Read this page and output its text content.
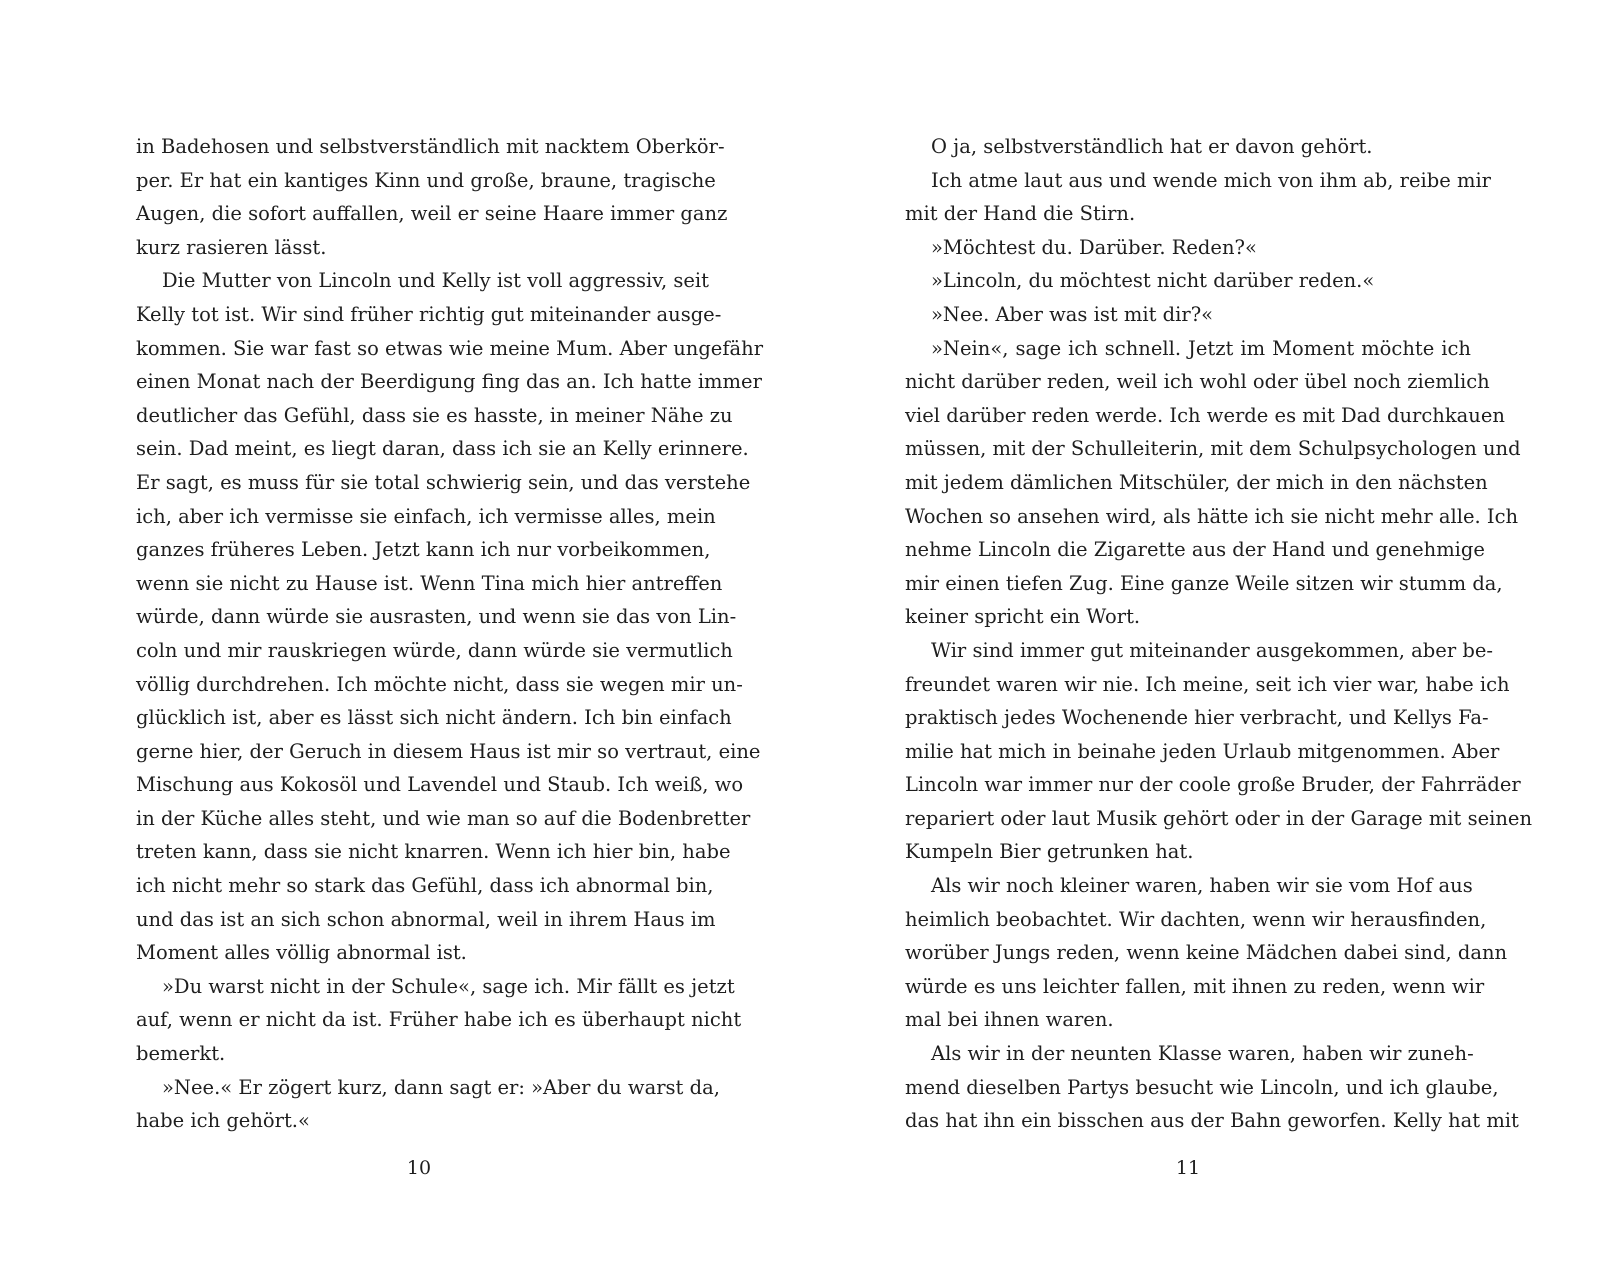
in Badehosen und selbstverständlich mit nacktem Oberkör-
per. Er hat ein kantiges Kinn und große, braune, tragische
Augen, die sofort auffallen, weil er seine Haare immer ganz
kurz rasieren lässt.

Die Mutter von Lincoln und Kelly ist voll aggressiv, seit
Kelly tot ist. Wir sind früher richtig gut miteinander ausge-
kommen. Sie war fast so etwas wie meine Mum. Aber ungefähr
einen Monat nach der Beerdigung fing das an. Ich hatte immer
deutlicher das Gefühl, dass sie es hasste, in meiner Nähe zu
sein. Dad meint, es liegt daran, dass ich sie an Kelly erinnere.
Er sagt, es muss für sie total schwierig sein, und das verstehe
ich, aber ich vermisse sie einfach, ich vermisse alles, mein
ganzes früheres Leben. Jetzt kann ich nur vorbeikommen,
wenn sie nicht zu Hause ist. Wenn Tina mich hier antreffen
würde, dann würde sie ausrasten, und wenn sie das von Lin-
coln und mir rauskriegen würde, dann würde sie vermutlich
völlig durchdrehen. Ich möchte nicht, dass sie wegen mir un-
glücklich ist, aber es lässt sich nicht ändern. Ich bin einfach
gerne hier, der Geruch in diesem Haus ist mir so vertraut, eine
Mischung aus Kokosöl und Lavendel und Staub. Ich weiß, wo
in der Küche alles steht, und wie man so auf die Bodenbretter
treten kann, dass sie nicht knarren. Wenn ich hier bin, habe
ich nicht mehr so stark das Gefühl, dass ich abnormal bin,
und das ist an sich schon abnormal, weil in ihrem Haus im
Moment alles völlig abnormal ist.

»Du warst nicht in der Schule«, sage ich. Mir fällt es jetzt
auf, wenn er nicht da ist. Früher habe ich es überhaupt nicht
bemerkt.

»Nee.« Er zögert kurz, dann sagt er: »Aber du warst da,
habe ich gehört.«

10

O ja, selbstverständlich hat er davon gehört.

Ich atme laut aus und wende mich von ihm ab, reibe mir
mit der Hand die Stirn.

»Möchtest du. Darüber. Reden?«

»Lincoln, du möchtest nicht darüber reden.«

»Nee. Aber was ist mit dir?«

»Nein«, sage ich schnell. Jetzt im Moment möchte ich
nicht darüber reden, weil ich wohl oder übel noch ziemlich
viel darüber reden werde. Ich werde es mit Dad durchkauen
müssen, mit der Schulleiterin, mit dem Schulpsychologen und
mit jedem dämlichen Mitschüler, der mich in den nächsten
Wochen so ansehen wird, als hätte ich sie nicht mehr alle. Ich
nehme Lincoln die Zigarette aus der Hand und genehmige
mir einen tiefen Zug. Eine ganze Weile sitzen wir stumm da,
keiner spricht ein Wort.

Wir sind immer gut miteinander ausgekommen, aber be-
freundet waren wir nie. Ich meine, seit ich vier war, habe ich
praktisch jedes Wochenende hier verbracht, und Kellys Fa-
milie hat mich in beinahe jeden Urlaub mitgenommen. Aber
Lincoln war immer nur der coole große Bruder, der Fahrräder
repariert oder laut Musik gehört oder in der Garage mit seinen
Kumpeln Bier getrunken hat.

Als wir noch kleiner waren, haben wir sie vom Hof aus
heimlich beobachtet. Wir dachten, wenn wir herausfinden,
worüber Jungs reden, wenn keine Mädchen dabei sind, dann
würde es uns leichter fallen, mit ihnen zu reden, wenn wir
mal bei ihnen waren.

Als wir in der neunten Klasse waren, haben wir zuneh-
mend dieselben Partys besucht wie Lincoln, und ich glaube,
das hat ihn ein bisschen aus der Bahn geworfen. Kelly hat mit

11
